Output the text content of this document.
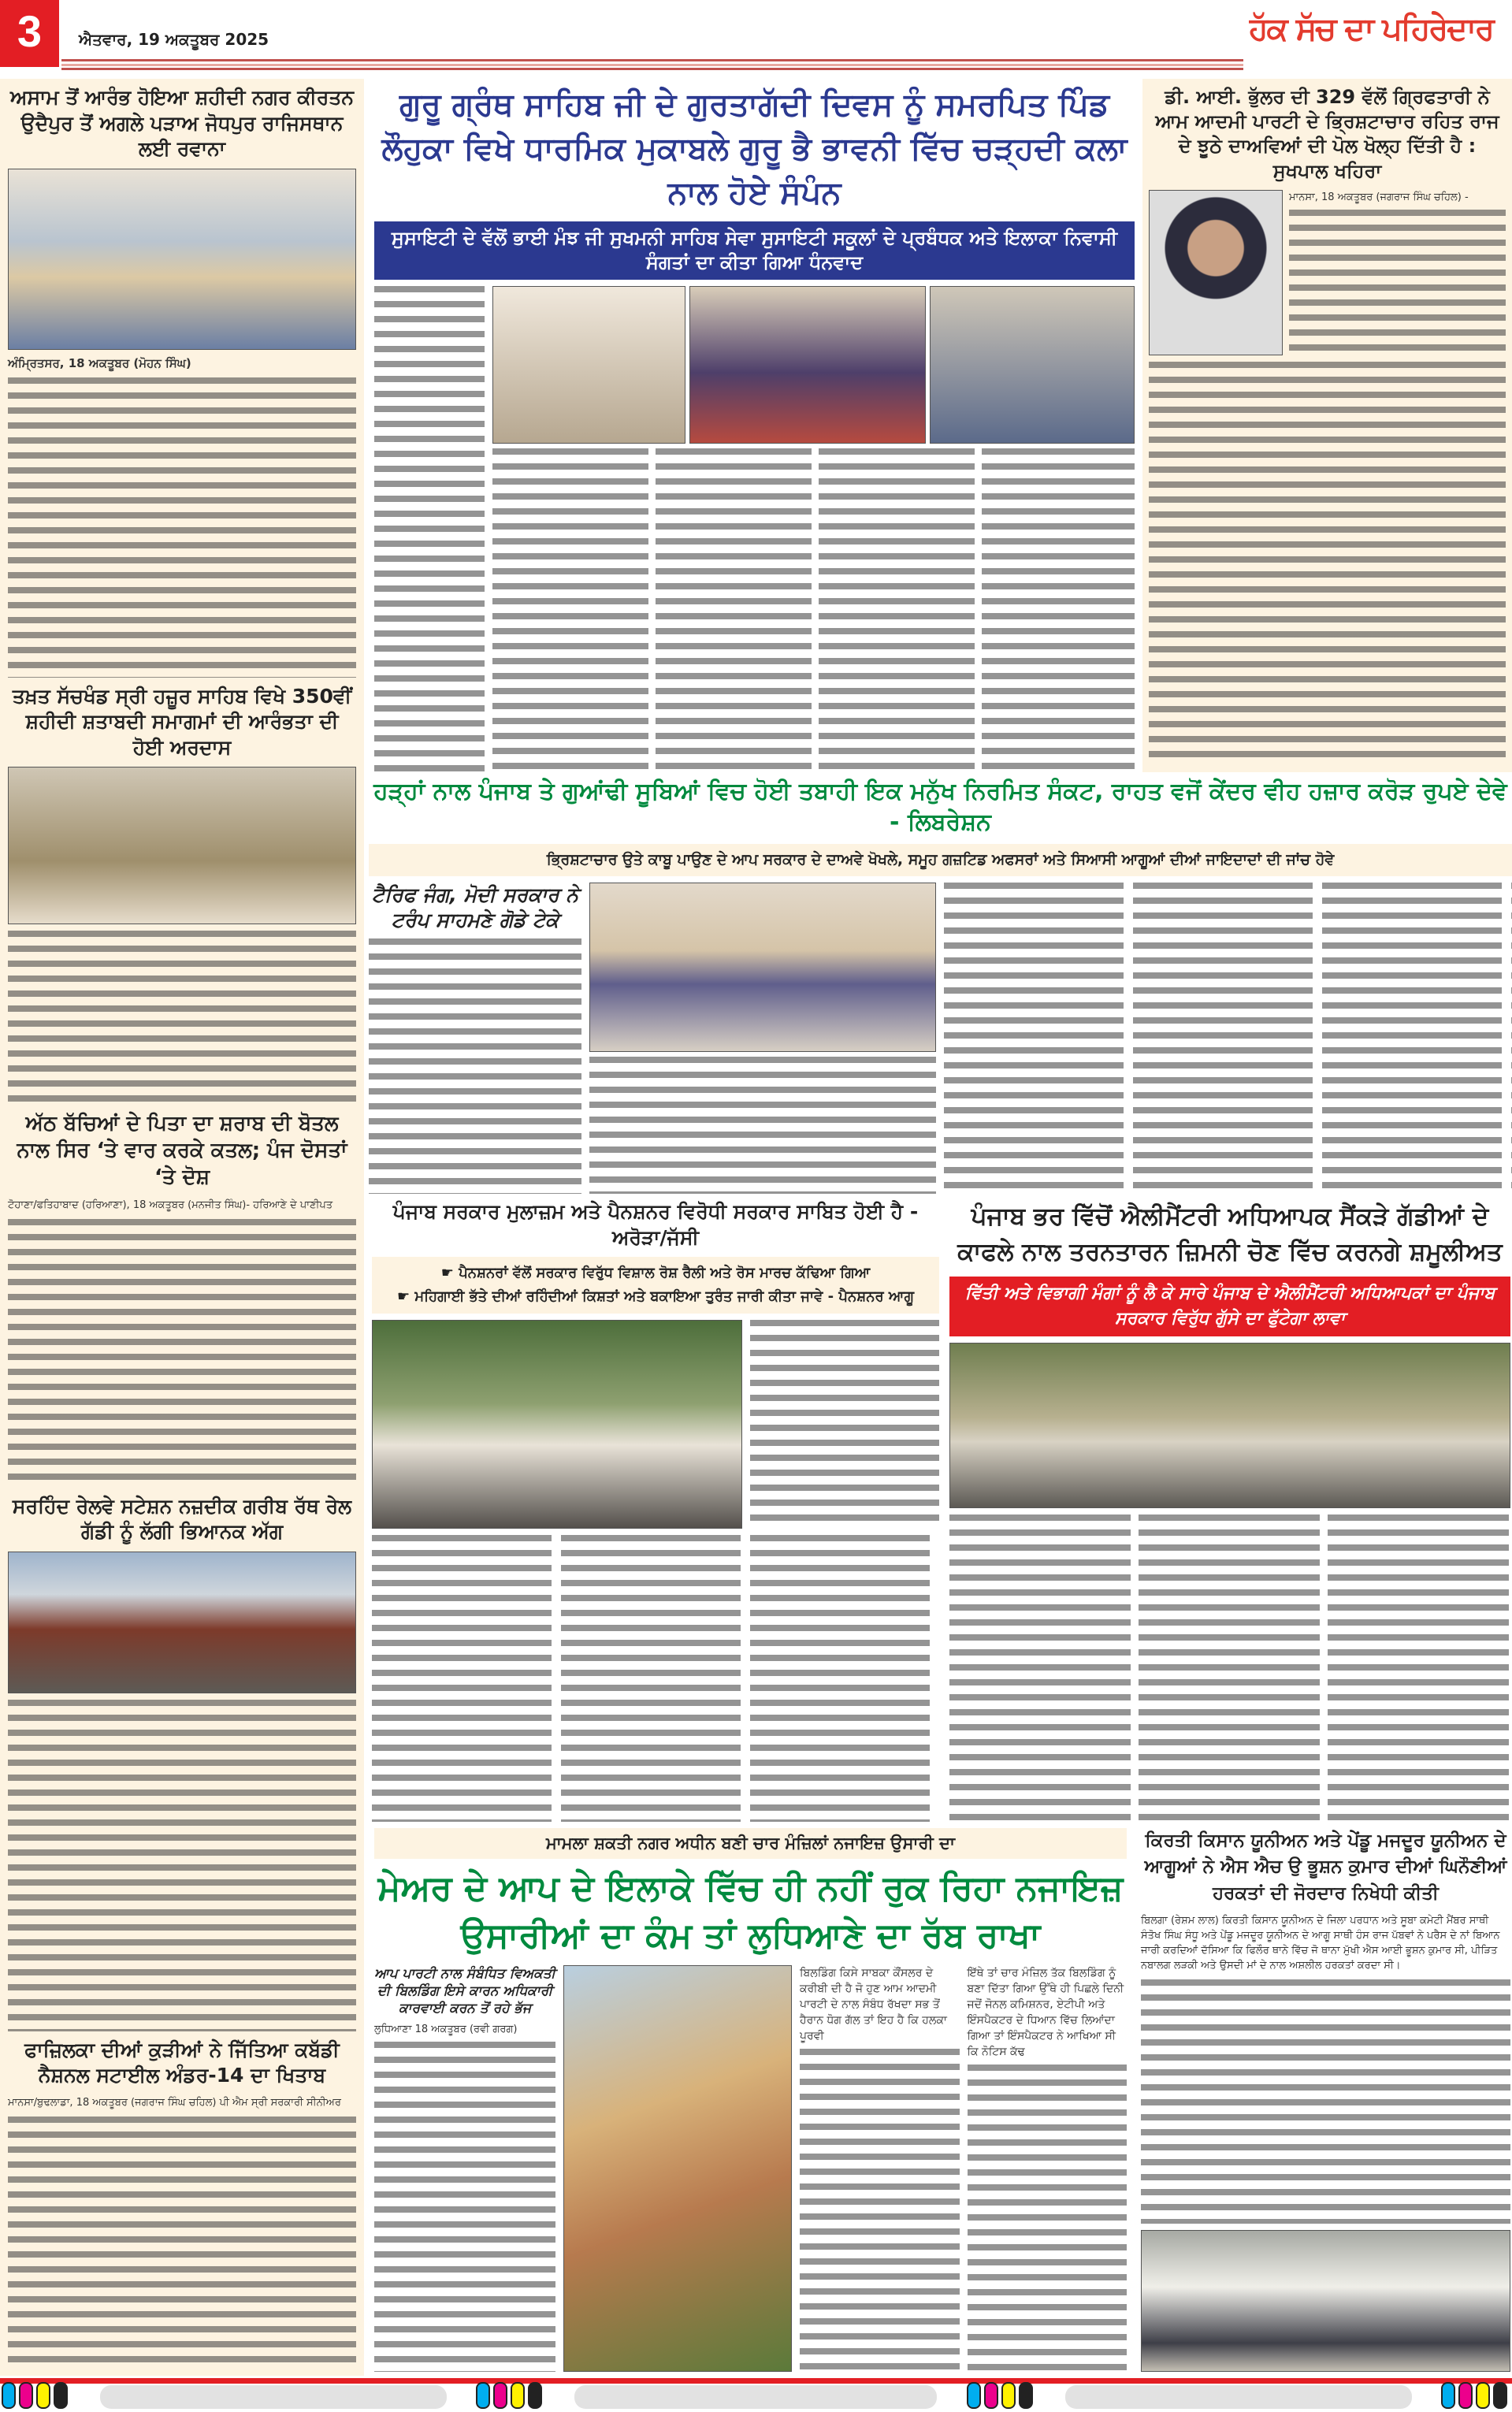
3	ਐਤਵਾਰ, 19 ਅਕਤੂਬਰ 2025	ਹੱਕ ਸੱਚ ਦਾ ਪਹਿਰੇਦਾਰ
ਅਸਾਮ ਤੋਂ ਆਰੰਭ ਹੋਇਆ ਸ਼ਹੀਦੀ ਨਗਰ ਕੀਰਤਨ ਉਦੈਪੁਰ ਤੋਂ ਅਗਲੇ ਪੜਾਅ ਜੋਧਪੁਰ ਰਾਜਿਸਥਾਨ ਲਈ ਰਵਾਨਾ
ਅੰਮ੍ਰਿਤਸਰ, 18 ਅਕਤੂਬਰ (ਮੋਹਨ ਸਿੰਘ)
ਤਖ਼ਤ ਸੱਚਖੰਡ ਸ੍ਰੀ ਹਜ਼ੂਰ ਸਾਹਿਬ ਵਿਖੇ 350ਵੀਂ ਸ਼ਹੀਦੀ ਸ਼ਤਾਬਦੀ ਸਮਾਗਮਾਂ ਦੀ ਆਰੰਭਤਾ ਦੀ ਹੋਈ ਅਰਦਾਸ
ਅੱਠ ਬੱਚਿਆਂ ਦੇ ਪਿਤਾ ਦਾ ਸ਼ਰਾਬ ਦੀ ਬੋਤਲ ਨਾਲ ਸਿਰ ‘ਤੇ ਵਾਰ ਕਰਕੇ ਕਤਲ; ਪੰਜ ਦੋਸਤਾਂ ‘ਤੇ ਦੋਸ਼
ਟੋਹਾਣਾ/ਫਤਿਹਾਬਾਦ (ਹਰਿਆਣਾ), 18 ਅਕਤੂਬਰ (ਮਨਜੀਤ ਸਿੰਘ)- ਹਰਿਆਣੇ ਦੇ ਪਾਣੀਪਤ
ਸਰਹਿੰਦ ਰੇਲਵੇ ਸਟੇਸ਼ਨ ਨਜ਼ਦੀਕ ਗਰੀਬ ਰੱਥ ਰੇਲ ਗੱਡੀ ਨੂੰ ਲੱਗੀ ਭਿਆਨਕ ਅੱਗ
ਫਾਜ਼ਿਲਕਾ ਦੀਆਂ ਕੁੜੀਆਂ ਨੇ ਜਿੱਤਿਆ ਕਬੱਡੀ ਨੈਸ਼ਨਲ ਸਟਾਈਲ ਅੰਡਰ-14 ਦਾ ਖਿਤਾਬ
ਮਾਨਸਾ/ਬੁਢਲਾਡਾ, 18 ਅਕਤੂਬਰ (ਜਗਰਾਜ ਸਿੰਘ ਚਹਿਲ) ਪੀ ਐਮ ਸ੍ਰੀ ਸਰਕਾਰੀ ਸੀਨੀਅਰ
ਗੁਰੂ ਗ੍ਰੰਥ ਸਾਹਿਬ ਜੀ ਦੇ ਗੁਰਤਾਗੱਦੀ ਦਿਵਸ ਨੂੰ ਸਮਰਪਿਤ ਪਿੰਡ ਲੌਹੁਕਾ ਵਿਖੇ ਧਾਰਮਿਕ ਮੁਕਾਬਲੇ ਗੁਰੂ ਭੈ ਭਾਵਨੀ ਵਿੱਚ ਚੜ੍ਹਦੀ ਕਲਾ ਨਾਲ ਹੋਏ ਸੰਪੰਨ
ਸੁਸਾਇਟੀ ਦੇ ਵੱਲੋਂ ਭਾਈ ਮੰਝ ਜੀ ਸੁਖਮਨੀ ਸਾਹਿਬ ਸੇਵਾ ਸੁਸਾਇਟੀ ਸਕੂਲਾਂ ਦੇ ਪ੍ਰਬੰਧਕ ਅਤੇ ਇਲਾਕਾ ਨਿਵਾਸੀ ਸੰਗਤਾਂ ਦਾ ਕੀਤਾ ਗਿਆ ਧੰਨਵਾਦ
ਡੀ. ਆਈ. ਭੁੱਲਰ ਦੀ 329 ਵੱਲੋਂ ਗ੍ਰਿਫਤਾਰੀ ਨੇ ਆਮ ਆਦਮੀ ਪਾਰਟੀ ਦੇ ਭ੍ਰਿਸ਼ਟਾਚਾਰ ਰਹਿਤ ਰਾਜ ਦੇ ਝੂਠੇ ਦਾਅਵਿਆਂ ਦੀ ਪੋਲ ਖੋਲ੍ਹ ਦਿੱਤੀ ਹੈ : ਸੁਖਪਾਲ ਖਹਿਰਾ
ਮਾਨਸਾ, 18 ਅਕਤੂਬਰ (ਜਗਰਾਜ ਸਿੰਘ ਚਹਿਲ) -
ਹੜ੍ਹਾਂ ਨਾਲ ਪੰਜਾਬ ਤੇ ਗੁਆਂਢੀ ਸੂਬਿਆਂ ਵਿਚ ਹੋਈ ਤਬਾਹੀ ਇਕ ਮਨੁੱਖ ਨਿਰਮਿਤ ਸੰਕਟ, ਰਾਹਤ ਵਜੋਂ ਕੇਂਦਰ ਵੀਹ ਹਜ਼ਾਰ ਕਰੋੜ ਰੁਪਏ ਦੇਵੇ - ਲਿਬਰੇਸ਼ਨ
ਭ੍ਰਿਸ਼ਟਾਚਾਰ ਉਤੇ ਕਾਬੂ ਪਾਉਣ ਦੇ ਆਪ ਸਰਕਾਰ ਦੇ ਦਾਅਵੇ ਖੋਖਲੇ, ਸਮੂਹ ਗਜ਼ਟਿਡ ਅਫਸਰਾਂ ਅਤੇ ਸਿਆਸੀ ਆਗੂਆਂ ਦੀਆਂ ਜਾਇਦਾਦਾਂ ਦੀ ਜਾਂਚ ਹੋਵੇ
ਟੈਰਿਫ ਜੰਗ, ਮੋਦੀ ਸਰਕਾਰ ਨੇ ਟਰੰਪ ਸਾਹਮਣੇ ਗੋਡੇ ਟੇਕੇ
ਪੰਜਾਬ ਸਰਕਾਰ ਮੁਲਾਜ਼ਮ ਅਤੇ ਪੈਨਸ਼ਨਰ ਵਿਰੋਧੀ ਸਰਕਾਰ ਸਾਬਿਤ ਹੋਈ ਹੈ - ਅਰੋੜਾ/ਜੱਸੀ
☛ ਪੈਨਸ਼ਨਰਾਂ ਵੱਲੋਂ ਸਰਕਾਰ ਵਿਰੁੱਧ ਵਿਸ਼ਾਲ ਰੋਸ਼ ਰੈਲੀ ਅਤੇ ਰੋਸ ਮਾਰਚ ਕੱਢਿਆ ਗਿਆ
☛ ਮਹਿਗਾਈ ਭੱਤੇ ਦੀਆਂ ਰਹਿੰਦੀਆਂ ਕਿਸ਼ਤਾਂ ਅਤੇ ਬਕਾਇਆ ਤੁਰੰਤ ਜਾਰੀ ਕੀਤਾ ਜਾਵੇ - ਪੈਨਸ਼ਨਰ ਆਗੂ
ਪੰਜਾਬ ਭਰ ਵਿੱਚੋਂ ਐਲੀਮੈਂਟਰੀ ਅਧਿਆਪਕ ਸੈਂਕੜੇ ਗੱਡੀਆਂ ਦੇ ਕਾਫਲੇ ਨਾਲ ਤਰਨਤਾਰਨ ਜ਼ਿਮਨੀ ਚੋਣ ਵਿੱਚ ਕਰਨਗੇ ਸ਼ਮੂਲੀਅਤ
ਵਿੱਤੀ ਅਤੇ ਵਿਭਾਗੀ ਮੰਗਾਂ ਨੂੰ ਲੈ ਕੇ ਸਾਰੇ ਪੰਜਾਬ ਦੇ ਐਲੀਮੈਂਟਰੀ ਅਧਿਆਪਕਾਂ ਦਾ ਪੰਜਾਬ ਸਰਕਾਰ ਵਿਰੁੱਧ ਗੁੱਸੇ ਦਾ ਫੁੱਟੇਗਾ ਲਾਵਾ
ਮਾਮਲਾ ਸ਼ਕਤੀ ਨਗਰ ਅਧੀਨ ਬਣੀ ਚਾਰ ਮੰਜ਼ਿਲਾਂ ਨਜਾਇਜ਼ ਉਸਾਰੀ ਦਾ
ਮੇਅਰ ਦੇ ਆਪ ਦੇ ਇਲਾਕੇ ਵਿੱਚ ਹੀ ਨਹੀਂ ਰੁਕ ਰਿਹਾ ਨਜਾਇਜ਼ ਉਸਾਰੀਆਂ ਦਾ ਕੰਮ ਤਾਂ ਲੁਧਿਆਣੇ ਦਾ ਰੱਬ ਰਾਖਾ
ਆਪ ਪਾਰਟੀ ਨਾਲ ਸੰਬੰਧਿਤ ਵਿਅਕਤੀ ਦੀ ਬਿਲਡਿੰਗ ਇਸੇ ਕਾਰਨ ਅਧਿਕਾਰੀ ਕਾਰਵਾਈ ਕਰਨ ਤੋਂ ਰਹੇ ਭੱਜ
ਲੁਧਿਆਣਾ 18 ਅਕਤੂਬਰ (ਰਵੀ ਗਰਗ)
ਬਿਲਡਿੰਗ ਕਿਸੇ ਸਾਬਕਾ ਕੌਂਸਲਰ ਦੇ ਕਰੀਬੀ ਦੀ ਹੈ ਜੋ ਹੁਣ ਆਮ ਆਦਮੀ ਪਾਰਟੀ ਦੇ ਨਾਲ ਸੰਬੰਧ ਰੱਖਦਾ ਸਭ ਤੋਂ ਹੈਰਾਨ ਧੋਗ ਗੱਲ ਤਾਂ ਇਹ ਹੈ ਕਿ ਹਲਕਾ ਪੂਰਵੀ
ਇੱਥੇ ਤਾਂ ਚਾਰ ਮੰਜ਼ਿਲ ਤੱਕ ਬਿਲਡਿੰਗ ਨੂੰ ਬਣਾ ਦਿੱਤਾ ਗਿਆ ਉੱਥੇ ਹੀ ਪਿਛਲੇ ਦਿਨੀ ਜਦੋਂ ਜੋਨਲ ਕਮਿਸ਼ਨਰ, ਏਟੀਪੀ ਅਤੇ ਇੰਸਪੈਕਟਰ ਦੇ ਧਿਆਨ ਵਿੱਚ ਲਿਆਂਦਾ ਗਿਆ ਤਾਂ ਇੰਸਪੈਕਟਰ ਨੇ ਆਖਿਆ ਸੀ ਕਿ ਨੋਟਿਸ ਕੱਢ
ਕਿਰਤੀ ਕਿਸਾਨ ਯੂਨੀਅਨ ਅਤੇ ਪੇਂਡੂ ਮਜਦੂਰ ਯੂਨੀਅਨ ਦੇ ਆਗੂਆਂ ਨੇ ਐਸ ਐਚ ਉ ਭੂਸ਼ਨ ਕੁਮਾਰ ਦੀਆਂ ਘਿਨੌਣੀਆਂ ਹਰਕਤਾਂ ਦੀ ਜੋਰਦਾਰ ਨਿਖੇਧੀ ਕੀਤੀ
ਬਿਲਗਾ (ਰੇਸ਼ਮ ਲਾਲ) ਕਿਰਤੀ ਕਿਸਾਨ ਯੂਨੀਅਨ ਦੇ ਜਿਲਾ ਪਰਧਾਨ ਅਤੇ ਸੂਬਾ ਕਮੇਟੀ ਮੈਂਬਰ ਸਾਥੀ ਸੰਤੋਖ ਸਿੰਘ ਸੰਧੂ ਅਤੇ ਪੇਂਡੂ ਮਜਦੂਰ ਯੂਨੀਅਨ ਦੇ ਆਗੂ ਸਾਥੀ ਹੰਸ ਰਾਜ ਪੱਬਵਾਂ ਨੇ ਪਰੈਸ ਦੇ ਨਾਂ ਬਿਆਨ ਜਾਰੀ ਕਰਦਿਆਂ ਦੱਸਿਆ ਕਿ ਫਿਲੌਰ ਥਾਨੇ ਵਿੱਚ ਜੋ ਥਾਨਾ ਮੁੱਖੀ ਐਸ ਆਈ ਭੂਸ਼ਨ ਕੁਮਾਰ ਸੀ, ਪੀੜਿਤ ਨਬਾਲਗ ਲੜਕੀ ਅਤੇ ਉਸਦੀ ਮਾਂ ਦੇ ਨਾਲ ਅਸ਼ਲੀਲ ਹਰਕਤਾਂ ਕਰਦਾ ਸੀ।
